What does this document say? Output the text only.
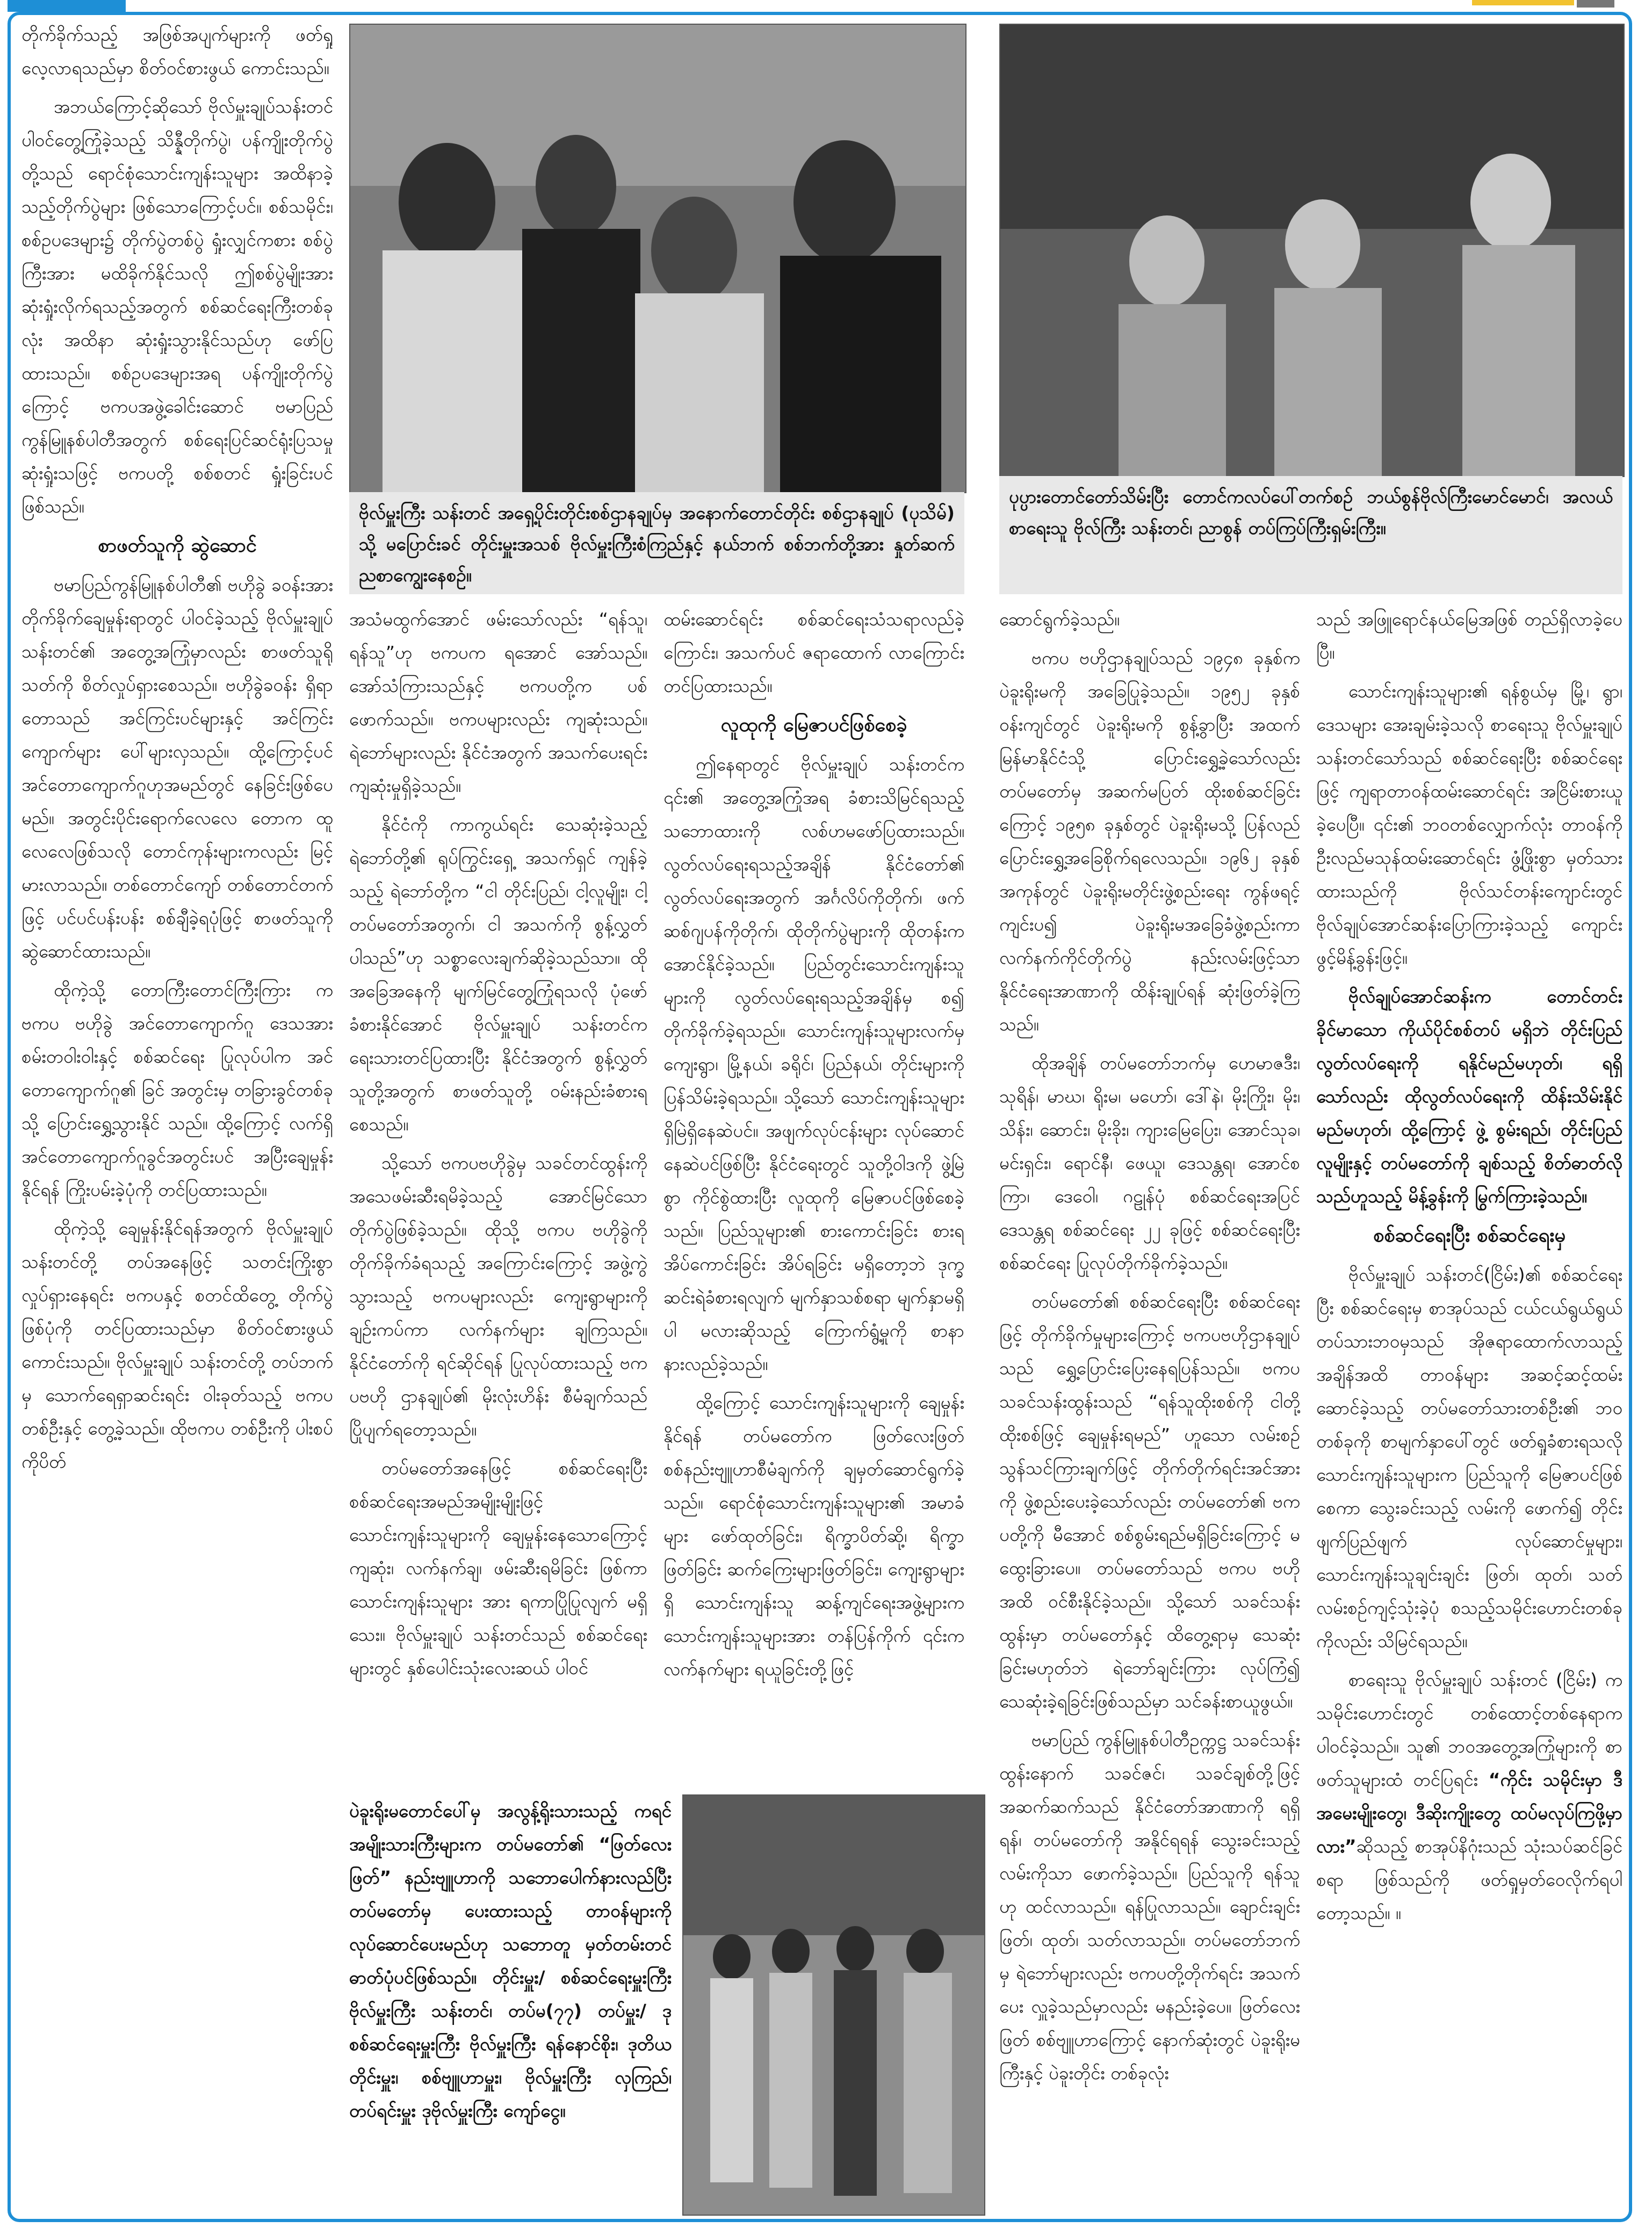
တိုက်ခိုက်သည့် အဖြစ်အပျက်များကို ဖတ်ရှုလေ့လာရသည်မှာ စိတ်ဝင်စားဖွယ် ကောင်းသည်။

အဘယ်ကြောင့်ဆိုသော် ဗိုလ်မှူးချုပ်သန်းတင် ပါဝင်တွေ့ကြုံခဲ့သည့် သိန္နီတိုက်ပွဲ၊ ပန်ကျိုးတိုက်ပွဲတို့သည် ရောင်စုံသောင်းကျန်းသူများ အထိနာခဲ့သည့်တိုက်ပွဲများ ဖြစ်သောကြောင့်ပင်။ စစ်သမိုင်း၊ စစ်ဥပဒေများ၌ တိုက်ပွဲတစ်ပွဲ ရှုံးလျှင်ကစား စစ်ပွဲကြီးအား မထိခိုက်နိုင်သလို ဤစစ်ပွဲမျိုးအား ဆုံးရှုံးလိုက်ရသည့်အတွက် စစ်ဆင်ရေးကြီးတစ်ခုလုံး အထိနာ ဆုံးရှုံးသွားနိုင်သည်ဟု ဖော်ပြထားသည်။ စစ်ဥပဒေများအရ ပန်ကျိုးတိုက်ပွဲကြောင့် ဗကပအဖွဲ့ခေါင်းဆောင် ဗမာပြည် ကွန်မြူနစ်ပါတီအတွက် စစ်ရေးပြင်ဆင်ရုံးပြသမှု ဆုံးရှုံးသဖြင့် ဗကပတို့ စစ်စတင် ရှုံးခြင်းပင်ဖြစ်သည်။

စာဖတ်သူကို ဆွဲဆောင်

ဗမာပြည်ကွန်မြူနစ်ပါတီ၏ ဗဟိုခွဲ ခဝန်းအား တိုက်ခိုက်ချေမှုန်းရာတွင် ပါဝင်ခဲ့သည့် ဗိုလ်မှူးချုပ်သန်းတင်၏ အတွေ့အကြုံမှာလည်း စာဖတ်သူရိုသတ်ကို စိတ်လှုပ်ရှားစေသည်။ ဗဟိုခွဲခဝန်း ရှိရာတောသည် အင်ကြင်းပင်များနှင့် အင်ကြင်းကျောက်များ ပေါ်များလှသည်။ ထို့ကြောင့်ပင် အင်တောကျောက်ဂူဟုအမည်တွင် နေခြင်းဖြစ်ပေမည်။ အတွင်းပိုင်းရောက်လေလေ တောက ထူလေလေဖြစ်သလို တောင်ကုန်းများကလည်း မြင့်မားလာသည်။ တစ်တောင်ကျော် တစ်တောင်တက်ဖြင့် ပင်ပင်ပန်းပန်း စစ်ချီခဲ့ရပုံဖြင့် စာဖတ်သူကို ဆွဲဆောင်ထားသည်။

ထိုကဲ့သို့ တောကြီးတောင်ကြီးကြား က ဗကပ ဗဟိုခွဲ အင်တောကျောက်ဂူ ဒေသအား စမ်းတဝါးဝါးနှင့် စစ်ဆင်ရေး ပြုလုပ်ပါက အင်တောကျောက်ဂူ၏ ခြင် အတွင်းမှ တခြားခွင်တစ်ခုသို့ ပြောင်းရွှေ့သွားနိုင် သည်။ ထို့ကြောင့် လက်ရှိ အင်တောကျောက်ဂူခွင်အတွင်းပင် အပြီးချေမှုန်းနိုင်ရန် ကြိုးပမ်းခဲ့ပုံကို တင်ပြထားသည်။

ထိုကဲ့သို့ ချေမှုန်းနိုင်ရန်အတွက် ဗိုလ်မှူးချုပ် သန်းတင်တို့ တပ်အနေဖြင့် သတင်းကြိုးစွာ လှုပ်ရှားနေရင်း ဗကပနှင့် စတင်ထိတွေ့ တိုက်ပွဲဖြစ်ပုံကို တင်ပြထားသည်မှာ စိတ်ဝင်စားဖွယ်ကောင်းသည်။ ဗိုလ်မှူးချုပ် သန်းတင်တို့ တပ်ဘက်မှ သောက်ရေရှာဆင်းရင်း ဝါးခုတ်သည့် ဗကပတစ်ဦးနှင့် တွေ့ခဲ့သည်။ ထိုဗကပ တစ်ဦးကို ပါးစပ်ကိုပိတ်

ဗိုလ်မှူးကြီး သန်းတင် အရှေ့ပိုင်းတိုင်းစစ်ဌာနချုပ်မှ အနောက်တောင်တိုင်း စစ်ဌာနချုပ် (ပုသိမ်) သို့ မပြောင်းခင် တိုင်းမှူးအသစ် ဗိုလ်မှူးကြီးစံကြည်နှင့် နယ်ဘက် စစ်ဘက်တို့အား နှုတ်ဆက်ညစာကျွေးနေစဉ်။
ပုပ္ပားတောင်တော်သိမ်းပြီး တောင်ကလပ်ပေါ်တက်စဉ် ဘယ်စွန်ဗိုလ်ကြီးမောင်မောင်၊ အလယ် စာရေးသူ ဗိုလ်ကြီး သန်းတင်၊ ညာစွန် တပ်ကြပ်ကြီးရှမ်းကြီး။

အသံမထွက်အောင် ဖမ်းသော်လည်း “ရန်သူ၊ ရန်သူ”ဟု ဗကပက ရအောင် အော်သည်။ အော်သံကြားသည်နှင့် ဗကပတို့က ပစ်ဖောက်သည်။ ဗကပများလည်း ကျဆုံးသည်။ ရဲဘော်များလည်း နိုင်ငံအတွက် အသက်ပေးရင်း ကျဆုံးမှုရှိခဲ့သည်။

နိုင်ငံကို ကာကွယ်ရင်း သေဆုံးခဲ့သည့် ရဲဘော်တို့၏ ရုပ်ကြွင်းရှေ့ အသက်ရှင် ကျန်ခဲ့သည့် ရဲဘော်တို့က “ငါ တိုင်းပြည်၊ ငါ့လူမျိုး၊ ငါ့တပ်မတော်အတွက်၊ ငါ အသက်ကို စွန့်လွှတ်ပါသည်”ဟု သစ္စာလေးချက်ဆိုခဲ့သည်သာ။ ထိုအခြေအနေကို မျက်မြင်တွေ့ကြုံရသလို ပုံဖော်ခံစားနိုင်အောင် ဗိုလ်မှူးချုပ် သန်းတင်က ရေးသားတင်ပြထားပြီး နိုင်ငံအတွက် စွန့်လွှတ်သူတို့အတွက် စာဖတ်သူတို့ ဝမ်းနည်းခံစားရစေသည်။

သို့သော် ဗကပဗဟိုခွဲမှ သခင်တင်ထွန်းကို အသေဖမ်းဆီးရမိခဲ့သည့် အောင်မြင်သောတိုက်ပွဲဖြစ်ခဲ့သည်။ ထိုသို့ ဗကပ ဗဟိုခွဲကို တိုက်ခိုက်ခံရသည့် အကြောင်းကြောင့် အဖွဲ့ကွဲသွားသည့် ဗကပများလည်း ကျေးရွာများကို ချဉ်းကပ်ကာ လက်နက်များ ချကြသည်။ နိုင်ငံတော်ကို ရင်ဆိုင်ရန် ပြုလုပ်ထားသည့် ဗကပဗဟို ဌာနချုပ်၏ မိုးလုံးဟိန်း စီမံချက်သည် ပြိုပျက်ရတော့သည်။

တပ်မတော်အနေဖြင့် စစ်ဆင်ရေးပြီး စစ်ဆင်ရေးအမည်အမျိုးမျိုးဖြင့် သောင်းကျန်းသူများကို ချေမှုန်းနေသောကြောင့် ကျဆုံး၊ လက်နက်ချ၊ ဖမ်းဆီးရမိခြင်း ဖြစ်ကာ သောင်းကျန်းသူများ အား ရကာပြိုပြုလျက် မရှိသေး။ ဗိုလ်မှူးချုပ် သန်းတင်သည် စစ်ဆင်ရေးများတွင် နှစ်ပေါင်းသုံးလေးဆယ် ပါဝင်

ထမ်းဆောင်ရင်း စစ်ဆင်ရေးသံသရာလည်ခဲ့ကြောင်း၊ အသက်ပင် ဇရာထောက် လာကြောင်း တင်ပြထားသည်။

လူထုကို မြေဇာပင်ဖြစ်စေခဲ့

ဤနေရာတွင် ဗိုလ်မှူးချုပ် သန်းတင်က ၎င်း၏ အတွေ့အကြုံအရ ခံစားသိမြင်ရသည့် သဘောထားကို လစ်ဟမဖော်ပြထားသည်။ လွတ်လပ်ရေးရသည့်အချိန် နိုင်ငံတော်၏ လွတ်လပ်ရေးအတွက် အင်္ဂလိပ်ကိုတိုက်၊ ဖက်ဆစ်ဂျပန်ကိုတိုက်၊ ထိုတိုက်ပွဲများကို ထိုတန်းက အောင်နိုင်ခဲ့သည်။ ပြည်တွင်းသောင်းကျန်းသူများကို လွတ်လပ်ရေးရသည့်အချိန်မှ စ၍ တိုက်ခိုက်ခဲ့ရသည်။ သောင်းကျန်းသူများလက်မှ ကျေးရွာ၊ မြို့နယ်၊ ခရိုင်၊ ပြည်နယ်၊ တိုင်းများကို ပြန်သိမ်းခဲ့ရသည်။ သို့သော် သောင်းကျန်းသူများ ရှိမြဲရှိနေဆဲပင်။ အဖျက်လုပ်ငန်းများ လုပ်ဆောင်နေဆဲပင်ဖြစ်ပြီး နိုင်ငံရေးတွင် သူတို့ဝါဒကို ဖွဲ့မြဲစွာ ကိုင်စွဲထားပြီး လူထုကို မြေဇာပင်ဖြစ်စေခဲ့သည်။ ပြည်သူများ၏ စားကောင်းခြင်း စားရ အိပ်ကောင်းခြင်း အိပ်ရခြင်း မရှိတော့ဘဲ ဒုက္ခဆင်းရဲခံစားရလျက် မျက်နှာသစ်စရာ မျက်နှာမရှိပါ မလားဆိုသည့် ကြောက်ရွံ့မှုကို စာနာနားလည်ခဲ့သည်။

ထို့ကြောင့် သောင်းကျန်းသူများကို ချေမှုန်းနိုင်ရန် တပ်မတော်က ဖြတ်လေးဖြတ် စစ်နည်းဗျူဟာစီမံချက်ကို ချမှတ်ဆောင်ရွက်ခဲ့သည်။ ရောင်စုံသောင်းကျန်းသူများ၏ အမာခံများ ဖော်ထုတ်ခြင်း၊ ရိက္ခာပိတ်ဆို့၊ ရိက္ခာဖြတ်ခြင်း ဆက်ကြေးများဖြတ်ခြင်း၊ ကျေးရွာများရှိ သောင်းကျန်းသူ ဆန့်ကျင်ရေးအဖွဲ့များက သောင်းကျန်းသူများအား တန်ပြန်ကိုက် ၎င်းက လက်နက်များ ရယူခြင်းတို့ဖြင့်

ပဲခူးရိုးမတောင်ပေါ်မှ အလွန့်ရိုးသားသည့် ကရင်အမျိုးသားကြီးများက တပ်မတော်၏ “ဖြတ်လေးဖြတ်” နည်းဗျူဟာကို သဘောပေါက်နားလည်ပြီး တပ်မတော်မှ ပေးထားသည့် တာဝန်များကို လုပ်ဆောင်ပေးမည်ဟု သဘောတူ မှတ်တမ်းတင် ဓာတ်ပုံပင်ဖြစ်သည်။ တိုင်းမှူး/ စစ်ဆင်ရေးမှူးကြီး ဗိုလ်မှူးကြီး သန်းတင်၊ တပ်မ(၇၇) တပ်မှူး/ ဒုစစ်ဆင်ရေးမှူးကြီး ဗိုလ်မှူးကြီး ရန်နောင်စိုး၊ ဒုတိယတိုင်းမှူး၊ စစ်ဗျူဟာမှူး၊ ဗိုလ်မှူးကြီး လှကြည်၊ တပ်ရင်းမှူး ဒုဗိုလ်မှူးကြီး ကျော်ငွေ။

ဆောင်ရွက်ခဲ့သည်။

ဗကပ ဗဟိုဌာနချုပ်သည် ၁၉၄၈ ခုနှစ်က ပဲခူးရိုးမကို အခြေပြုခဲ့သည်။ ၁၉၅၂ ခုနှစ် ဝန်းကျင်တွင် ပဲခူးရိုးမကို စွန့်ခွာပြီး အထက်မြန်မာနိုင်ငံသို့ ပြောင်းရွှေ့ခဲ့သော်လည်း တပ်မတော်မှ အဆက်မပြတ် ထိုးစစ်ဆင်ခြင်းကြောင့် ၁၉၅၈ ခုနှစ်တွင် ပဲခူးရိုးမသို့ ပြန်လည် ပြောင်းရွှေ့အခြေစိုက်ရလေသည်။ ၁၉၆၂ ခုနှစ်အကုန်တွင် ပဲခူးရိုးမတိုင်းဖွဲ့စည်းရေး ကွန်ဖရင့်ကျင်းပ၍ ပဲခူးရိုးမအခြေခံဖွဲ့စည်းကာ လက်နက်ကိုင်တိုက်ပွဲ နည်းလမ်းဖြင့်သာ နိုင်ငံရေးအာဏာကို ထိန်းချုပ်ရန် ဆုံးဖြတ်ခဲ့ကြသည်။

ထိုအချိန် တပ်မတော်ဘက်မှ ဟေမာဇဒီး၊ သုရိန်၊ မာဃ၊ ရိုးမ၊ မဟော်၊ ဒေါ်နဲ၊ မိုးကြိုး၊ မိုး၊ သိန်း၊ ဆောင်း၊ မိုးခိုး၊ ကျားမြေပြေး၊ အောင်သုခ၊ မင်းရှင်း၊ ရောင်နီ၊ ဖေယူ၊ ဒေသန္တရ၊ အောင်စကြာ၊ ဒေဝေါ၊ ဂဠုန်ပုံ စစ်ဆင်ရေးအပြင် ဒေသန္တရ စစ်ဆင်ရေး ၂၂ ခုဖြင့် စစ်ဆင်ရေးပြီး စစ်ဆင်ရေး ပြုလုပ်တိုက်ခိုက်ခဲ့သည်။

တပ်မတော်၏ စစ်ဆင်ရေးပြီး စစ်ဆင်ရေးဖြင့် တိုက်ခိုက်မှုများကြောင့် ဗကပဗဟိုဌာနချုပ်သည် ရွှေ့ပြောင်းပြေးနေရပြန်သည်။ ဗကပ သခင်သန်းထွန်းသည် “ရန်သူထိုးစစ်ကို ငါတို့ ထိုးစစ်ဖြင့် ချေမှုန်းရမည်” ဟူသော လမ်းစဉ်သွန်သင်ကြားချက်ဖြင့် တိုက်တိုက်ရင်းအင်အားကို ဖွဲ့စည်းပေးခဲ့သော်လည်း တပ်မတော်၏ ဗကပတို့ကို မီအောင် စစ်စွမ်းရည်မရှိခြင်းကြောင့် မထွေးခြားပေ။ တပ်မတော်သည် ဗကပ ဗဟိုအထိ ဝင်စီးနိုင်ခဲ့သည်။ သို့သော် သခင်သန်းထွန်းမှာ တပ်မတော်နှင့် ထိတွေ့ရာမှ သေဆုံးခြင်းမဟုတ်ဘဲ ရဲဘော်ချင်းကြား လုပ်ကြံ၍ သေဆုံးခဲ့ရခြင်းဖြစ်သည်မှာ သင်ခန်းစာယူဖွယ်။

ဗမာပြည် ကွန်မြူနစ်ပါတီဥက္ကဋ္ဌ သခင်သန်းထွန်းနောက် သခင်ဇင်၊ သခင်ချစ်တို့ဖြင့် အဆက်ဆက်သည် နိုင်ငံတော်အာဏာကို ရရှိရန်၊ တပ်မတော်ကို အနိုင်ရရန် သွေးခင်းသည့် လမ်းကိုသာ ဖောက်ခဲ့သည်။ ပြည်သူကို ရန်သူဟု ထင်လာသည်။ ရန်ပြုလာသည်။ ချောင်းချင်း ဖြတ်၊ ထုတ်၊ သတ်လာသည်။ တပ်မတော်ဘက်မှ ရဲဘော်များလည်း ဗကပတို့တိုက်ရင်း အသက်ပေး လှူခဲ့သည်မှာလည်း မနည်းခဲ့ပေ။ ဖြတ်လေးဖြတ် စစ်ဗျူဟာကြောင့် နောက်ဆုံးတွင် ပဲခူးရိုးမကြီးနှင့် ပဲခူးတိုင်း တစ်ခုလုံး

သည် အဖြူရောင်နယ်မြေအဖြစ် တည်ရှိလာခဲ့ပေပြီ။

သောင်းကျန်းသူများ၏ ရန်စွယ်မှ မြို့၊ ရွာ၊ ဒေသများ အေးချမ်းခဲ့သလို စာရေးသူ ဗိုလ်မှူးချုပ်သန်းတင်သော်သည် စစ်ဆင်ရေးပြီး စစ်ဆင်ရေးဖြင့် ကျရာတာဝန်ထမ်းဆောင်ရင်း အငြိမ်းစားယူခဲ့ပေပြီ။ ၎င်း၏ ဘဝတစ်လျှောက်လုံး တာဝန်ကိုဦးလည်မသုန်ထမ်းဆောင်ရင်း ဖွံ့ဖြိုးစွာ မှတ်သားထားသည်ကို ဗိုလ်သင်တန်းကျောင်းတွင် ဗိုလ်ချုပ်အောင်ဆန်းပြောကြားခဲ့သည့် ကျောင်းဖွင့်မိန့်ခွန်းဖြင့်။

ဗိုလ်ချုပ်အောင်ဆန်းက တောင်တင်းခိုင်မာသော ကိုယ်ပိုင်စစ်တပ် မရှိဘဲ တိုင်းပြည်လွတ်လပ်ရေးကို ရနိုင်မည်မဟုတ်၊ ရရှိသော်လည်း ထိုလွတ်လပ်ရေးကို ထိန်းသိမ်းနိုင်မည်မဟုတ်၊ ထို့ကြောင့် ဖွဲ့ စွမ်းရည်၊ တိုင်းပြည်လူမျိုးနှင့် တပ်မတော်ကို ချစ်သည့် စိတ်ဓာတ်လိုသည်ဟူသည့် မိန့်ခွန်းကို မြွက်ကြားခဲ့သည်။

စစ်ဆင်ရေးပြီး စစ်ဆင်ရေးမှ

ဗိုလ်မှူးချုပ် သန်းတင်(ငြိမ်း)၏ စစ်ဆင်ရေးပြီး စစ်ဆင်ရေးမှ စာအုပ်သည် ငယ်ငယ်ရွယ်ရွယ် တပ်သားဘဝမှသည် အိုဇရာထောက်လာသည့် အချိန်အထိ တာဝန်များ အဆင့်ဆင့်ထမ်းဆောင်ခဲ့သည့် တပ်မတော်သားတစ်ဦး၏ ဘဝတစ်ခုကို စာမျက်နှာပေါ်တွင် ဖတ်ရှုခံစားရသလို သောင်းကျန်းသူများက ပြည်သူကို မြေဇာပင်ဖြစ်စေကာ သွေးခင်းသည့် လမ်းကို ဖောက်၍ တိုင်းဖျက်ပြည်ဖျက် လုပ်ဆောင်မှုများ၊ သောင်းကျန်းသူချင်းချင်း ဖြတ်၊ ထုတ်၊ သတ် လမ်းစဉ်ကျင့်သုံးခဲ့ပုံ စသည့်သမိုင်းဟောင်းတစ်ခုကိုလည်း သိမြင်ရသည်။

စာရေးသူ ဗိုလ်မှူးချုပ် သန်းတင် (ငြိမ်း) က သမိုင်းဟောင်းတွင် တစ်ထောင့်တစ်နေရာက ပါဝင်ခဲ့သည်။ သူ၏ ဘဝအတွေ့အကြုံများကို စာဖတ်သူများထံ တင်ပြရင်း “ကိုင်း သမိုင်းမှာ ဒီအမေးမျိုးတွေ၊ ဒီဆိုးကျိုးတွေ ထပ်မလုပ်ကြဖို့မှာလား”ဆိုသည့် စာအုပ်နိဂုံးသည် သုံးသပ်ဆင်ခြင်စရာ ဖြစ်သည်ကို ဖတ်ရှုမှတ်ဝေလိုက်ရပါတော့သည်။ ။
